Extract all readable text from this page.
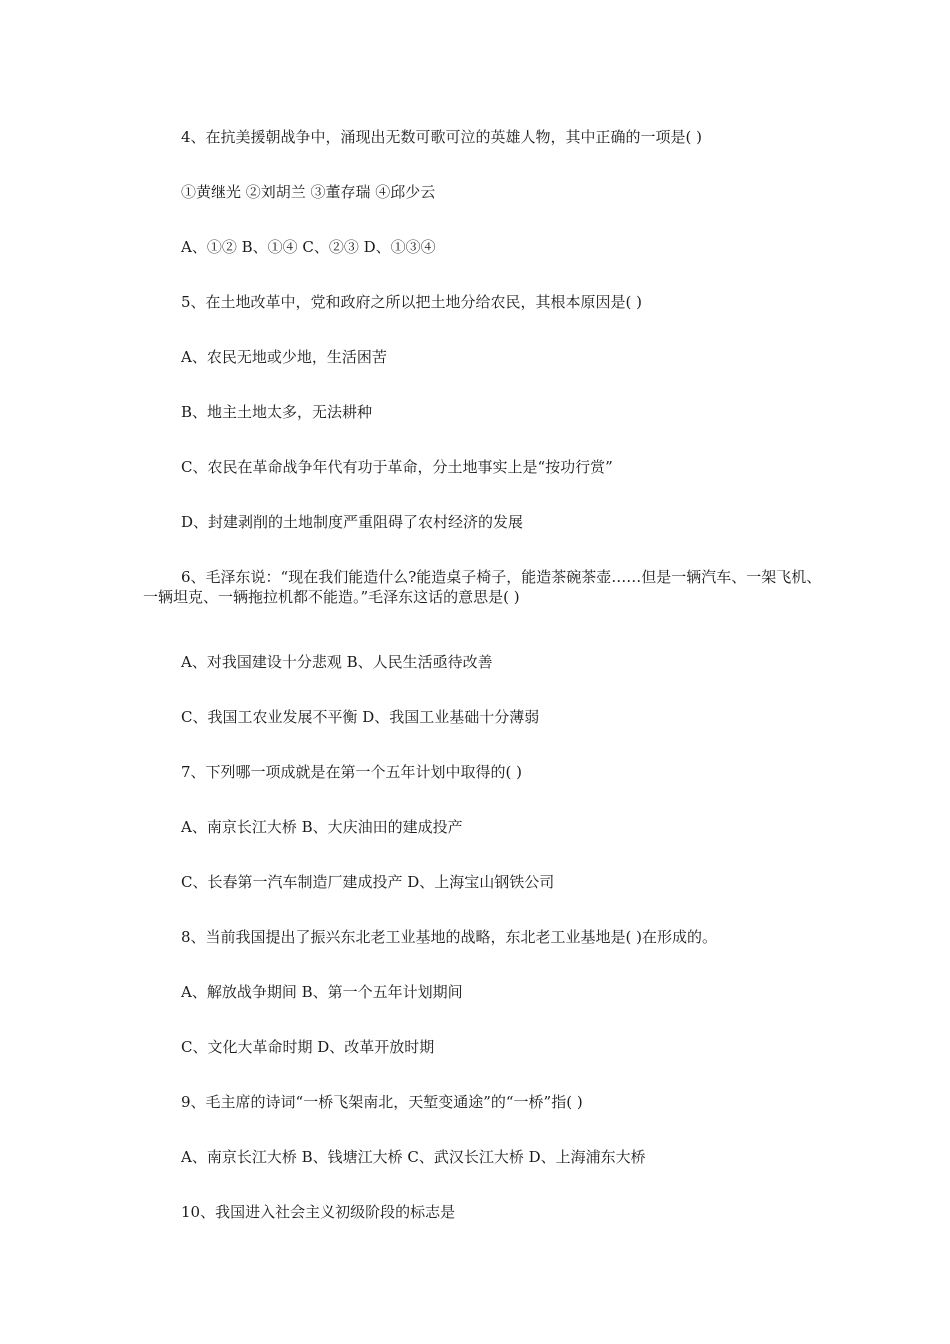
4、在抗美援朝战争中，涌现出无数可歌可泣的英雄人物，其中正确的一项是( )
①黄继光 ②刘胡兰 ③董存瑞 ④邱少云
A、①② B、①④ C、②③ D、①③④
5、在土地改革中，党和政府之所以把土地分给农民，其根本原因是( )
A、农民无地或少地，生活困苦
B、地主土地太多，无法耕种
C、农民在革命战争年代有功于革命，分土地事实上是“按功行赏”
D、封建剥削的土地制度严重阻碍了农村经济的发展
6、毛泽东说：“现在我们能造什么?能造桌子椅子，能造茶碗茶壶……但是一辆汽车、一架飞机、一辆坦克、一辆拖拉机都不能造。”毛泽东这话的意思是( )
A、对我国建设十分悲观 B、人民生活亟待改善
C、我国工农业发展不平衡 D、我国工业基础十分薄弱
7、下列哪一项成就是在第一个五年计划中取得的( )
A、南京长江大桥 B、大庆油田的建成投产
C、长春第一汽车制造厂建成投产 D、上海宝山钢铁公司
8、当前我国提出了振兴东北老工业基地的战略，东北老工业基地是( )在形成的。
A、解放战争期间 B、第一个五年计划期间
C、文化大革命时期 D、改革开放时期
9、毛主席的诗词“一桥飞架南北，天堑变通途”的“一桥”指( )
A、南京长江大桥 B、钱塘江大桥 C、武汉长江大桥 D、上海浦东大桥
10、我国进入社会主义初级阶段的标志是
